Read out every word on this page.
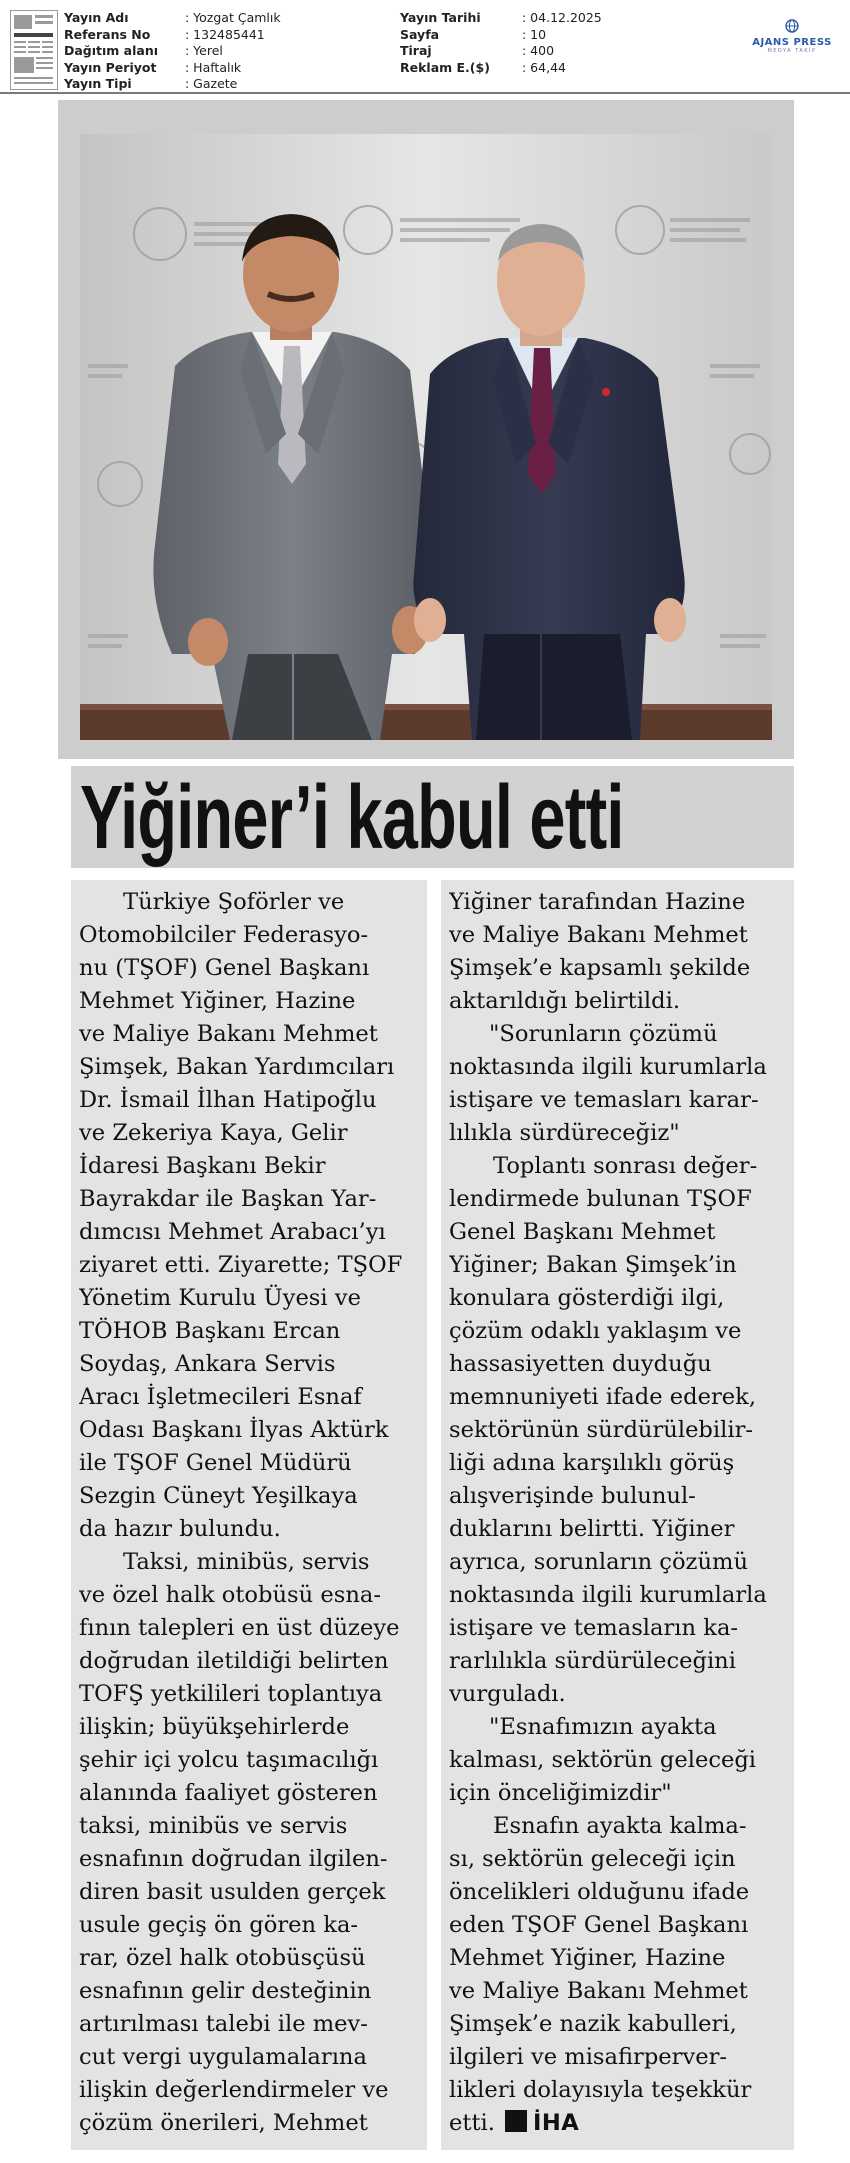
Yayın Adı	: Yozgat Çamlık
Referans No	: 132485441
Dağıtım alanı	: Yerel
Yayın Periyot	: Haftalık
Yayın Tipi	: Gazete
Yayın Tarihi	: 04.12.2025
Sayfa	: 10
Tiraj	: 400
Reklam E.($)	: 64,44
AJANS PRESS
MEDYA TAKİP
Yiğiner’i kabul etti
Türkiye Şoförler ve
Otomobilciler Federasyo-
nu (TŞOF) Genel Başkanı
Mehmet Yiğiner, Hazine
ve Maliye Bakanı Mehmet
Şimşek, Bakan Yardımcıları
Dr. İsmail İlhan Hatipoğlu
ve Zekeriya Kaya, Gelir
İdaresi Başkanı Bekir
Bayrakdar ile Başkan Yar-
dımcısı Mehmet Arabacı’yı
ziyaret etti. Ziyarette; TŞOF
Yönetim Kurulu Üyesi ve
TÖHOB Başkanı Ercan
Soydaş, Ankara Servis
Aracı İşletmecileri Esnaf
Odası Başkanı İlyas Aktürk
ile TŞOF Genel Müdürü
Sezgin Cüneyt Yeşilkaya
da hazır bulundu.
Taksi, minibüs, servis
ve özel halk otobüsü esna-
fının talepleri en üst düzeye
doğrudan iletildiği belirten
TOFŞ yetkilileri toplantıya
ilişkin; büyükşehirlerde
şehir içi yolcu taşımacılığı
alanında faaliyet gösteren
taksi, minibüs ve servis
esnafının doğrudan ilgilen-
diren basit usulden gerçek
usule geçiş ön gören ka-
rar, özel halk otobüsçüsü
esnafının gelir desteğinin
artırılması talebi ile mev-
cut vergi uygulamalarına
ilişkin değerlendirmeler ve
çözüm önerileri, Mehmet
Yiğiner tarafından Hazine
ve Maliye Bakanı Mehmet
Şimşek’e kapsamlı şekilde
aktarıldığı belirtildi.
"Sorunların çözümü
noktasında ilgili kurumlarla
istişare ve temasları karar-
lılıkla sürdüreceğiz"
Toplantı sonrası değer-
lendirmede bulunan TŞOF
Genel Başkanı Mehmet
Yiğiner; Bakan Şimşek’in
konulara gösterdiği ilgi,
çözüm odaklı yaklaşım ve
hassasiyetten duyduğu
memnuniyeti ifade ederek,
sektörünün sürdürülebilir-
liği adına karşılıklı görüş
alışverişinde bulunul-
duklarını belirtti. Yiğiner
ayrıca, sorunların çözümü
noktasında ilgili kurumlarla
istişare ve temasların ka-
rarlılıkla sürdürüleceğini
vurguladı.
"Esnafımızın ayakta
kalması, sektörün geleceği
için önceliğimizdir"
Esnafın ayakta kalma-
sı, sektörün geleceği için
öncelikleri olduğunu ifade
eden TŞOF Genel Başkanı
Mehmet Yiğiner, Hazine
ve Maliye Bakanı Mehmet
Şimşek’e nazik kabulleri,
ilgileri ve misafirperver-
likleri dolayısıyla teşekkür
etti. İHA
